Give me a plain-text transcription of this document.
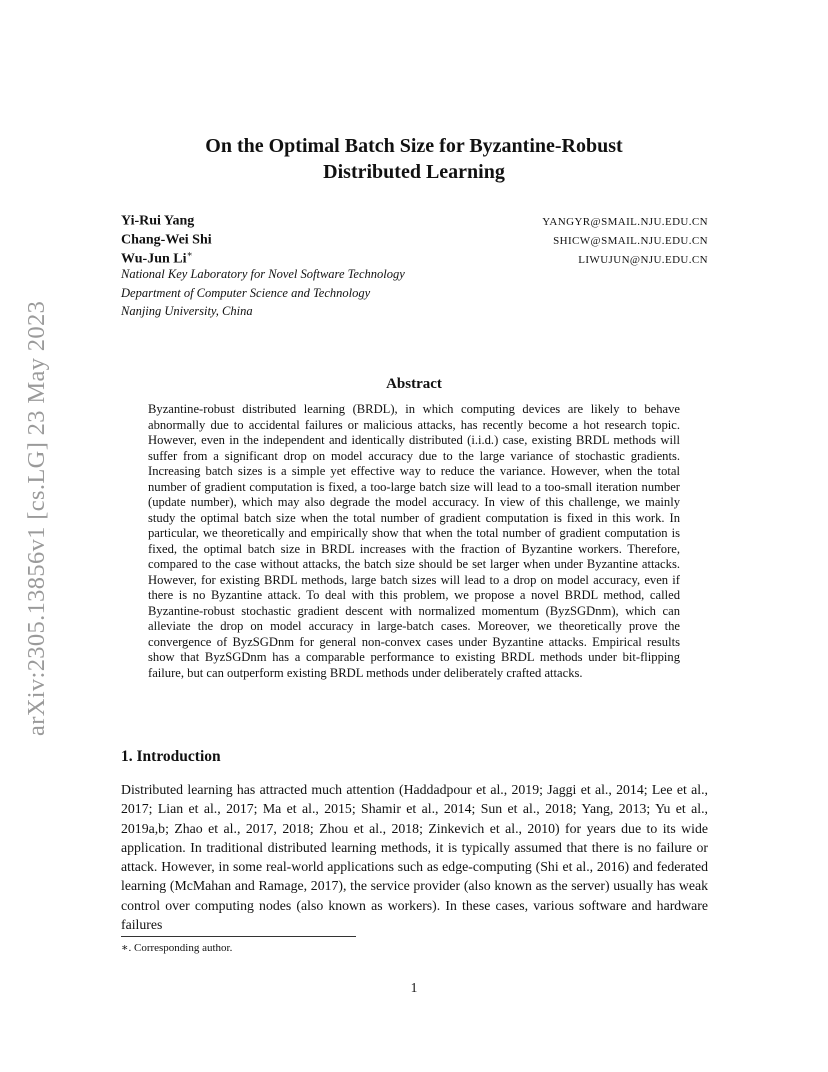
arXiv:2305.13856v1 [cs.LG] 23 May 2023
On the Optimal Batch Size for Byzantine-Robust
Distributed Learning
Yi-Rui Yang	YANGYR@SMAIL.NJU.EDU.CN
Chang-Wei Shi	SHICW@SMAIL.NJU.EDU.CN
Wu-Jun Li∗	LIWUJUN@NJU.EDU.CN
National Key Laboratory for Novel Software Technology
Department of Computer Science and Technology
Nanjing University, China
Abstract

Byzantine-robust distributed learning (BRDL), in which computing devices are likely to behave abnormally due to accidental failures or malicious attacks, has recently become a hot research topic. However, even in the independent and identically distributed (i.i.d.) case, existing BRDL methods will suffer from a significant drop on model accuracy due to the large variance of stochastic gradients. Increasing batch sizes is a simple yet effective way to reduce the variance. However, when the total number of gradient computation is fixed, a too-large batch size will lead to a too-small iteration number (update number), which may also degrade the model accuracy. In view of this challenge, we mainly study the optimal batch size when the total number of gradient computation is fixed in this work. In particular, we theoretically and empirically show that when the total number of gradient computation is fixed, the optimal batch size in BRDL increases with the fraction of Byzantine workers. Therefore, compared to the case without attacks, the batch size should be set larger when under Byzantine attacks. However, for existing BRDL methods, large batch sizes will lead to a drop on model accuracy, even if there is no Byzantine attack. To deal with this problem, we propose a novel BRDL method, called Byzantine-robust stochastic gradient descent with normalized momentum (ByzSGDnm), which can alleviate the drop on model accuracy in large-batch cases. Moreover, we theoretically prove the convergence of ByzSGDnm for general non-convex cases under Byzantine attacks. Empirical results show that ByzSGDnm has a comparable performance to existing BRDL methods under bit-flipping failure, but can outperform existing BRDL methods under deliberately crafted attacks.

1. Introduction

Distributed learning has attracted much attention (Haddadpour et al., 2019; Jaggi et al., 2014; Lee et al., 2017; Lian et al., 2017; Ma et al., 2015; Shamir et al., 2014; Sun et al., 2018; Yang, 2013; Yu et al., 2019a,b; Zhao et al., 2017, 2018; Zhou et al., 2018; Zinkevich et al., 2010) for years due to its wide application. In traditional distributed learning methods, it is typically assumed that there is no failure or attack. However, in some real-world applications such as edge-computing (Shi et al., 2016) and federated learning (McMahan and Ramage, 2017), the service provider (also known as the server) usually has weak control over computing nodes (also known as workers). In these cases, various software and hardware failures

∗. Corresponding author.

1
